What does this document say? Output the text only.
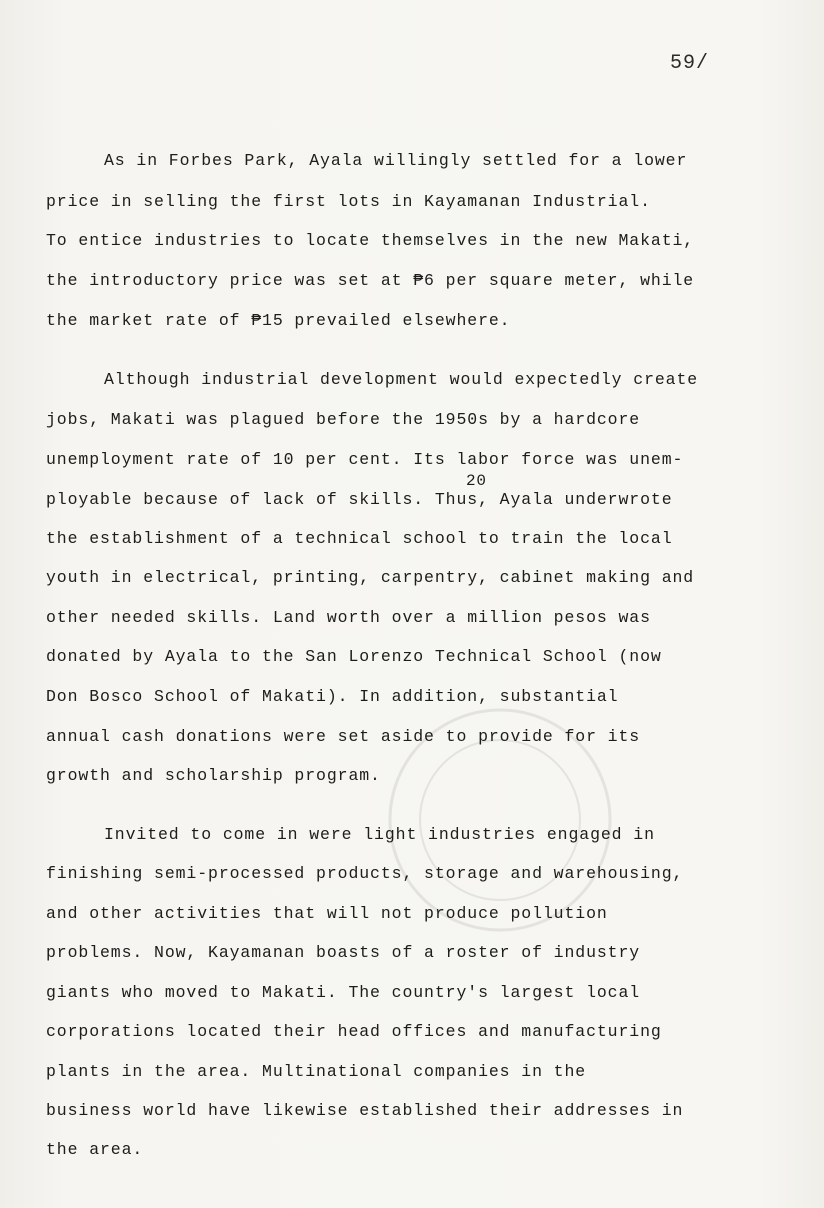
59/
As in Forbes Park, Ayala willingly settled for a lower
price in selling the first lots in Kayamanan Industrial.
To entice industries to locate themselves in the new Makati,
the introductory price was set at ₱6 per square meter, while
the market rate of ₱15 prevailed elsewhere.
Although industrial development would expectedly create
jobs, Makati was plagued before the 1950s by a hardcore
unemployment rate of 10 per cent. Its labor force was unem-
20
ployable because of lack of skills. Thus, Ayala underwrote
the establishment of a technical school to train the local
youth in electrical, printing, carpentry, cabinet making and
other needed skills. Land worth over a million pesos was
donated by Ayala to the San Lorenzo Technical School (now
Don Bosco School of Makati). In addition, substantial
annual cash donations were set aside to provide for its
growth and scholarship program.
Invited to come in were light industries engaged in
finishing semi-processed products, storage and warehousing,
and other activities that will not produce pollution
problems. Now, Kayamanan boasts of a roster of industry
giants who moved to Makati. The country's largest local
corporations located their head offices and manufacturing
plants in the area. Multinational companies in the
business world have likewise established their addresses in
the area.
